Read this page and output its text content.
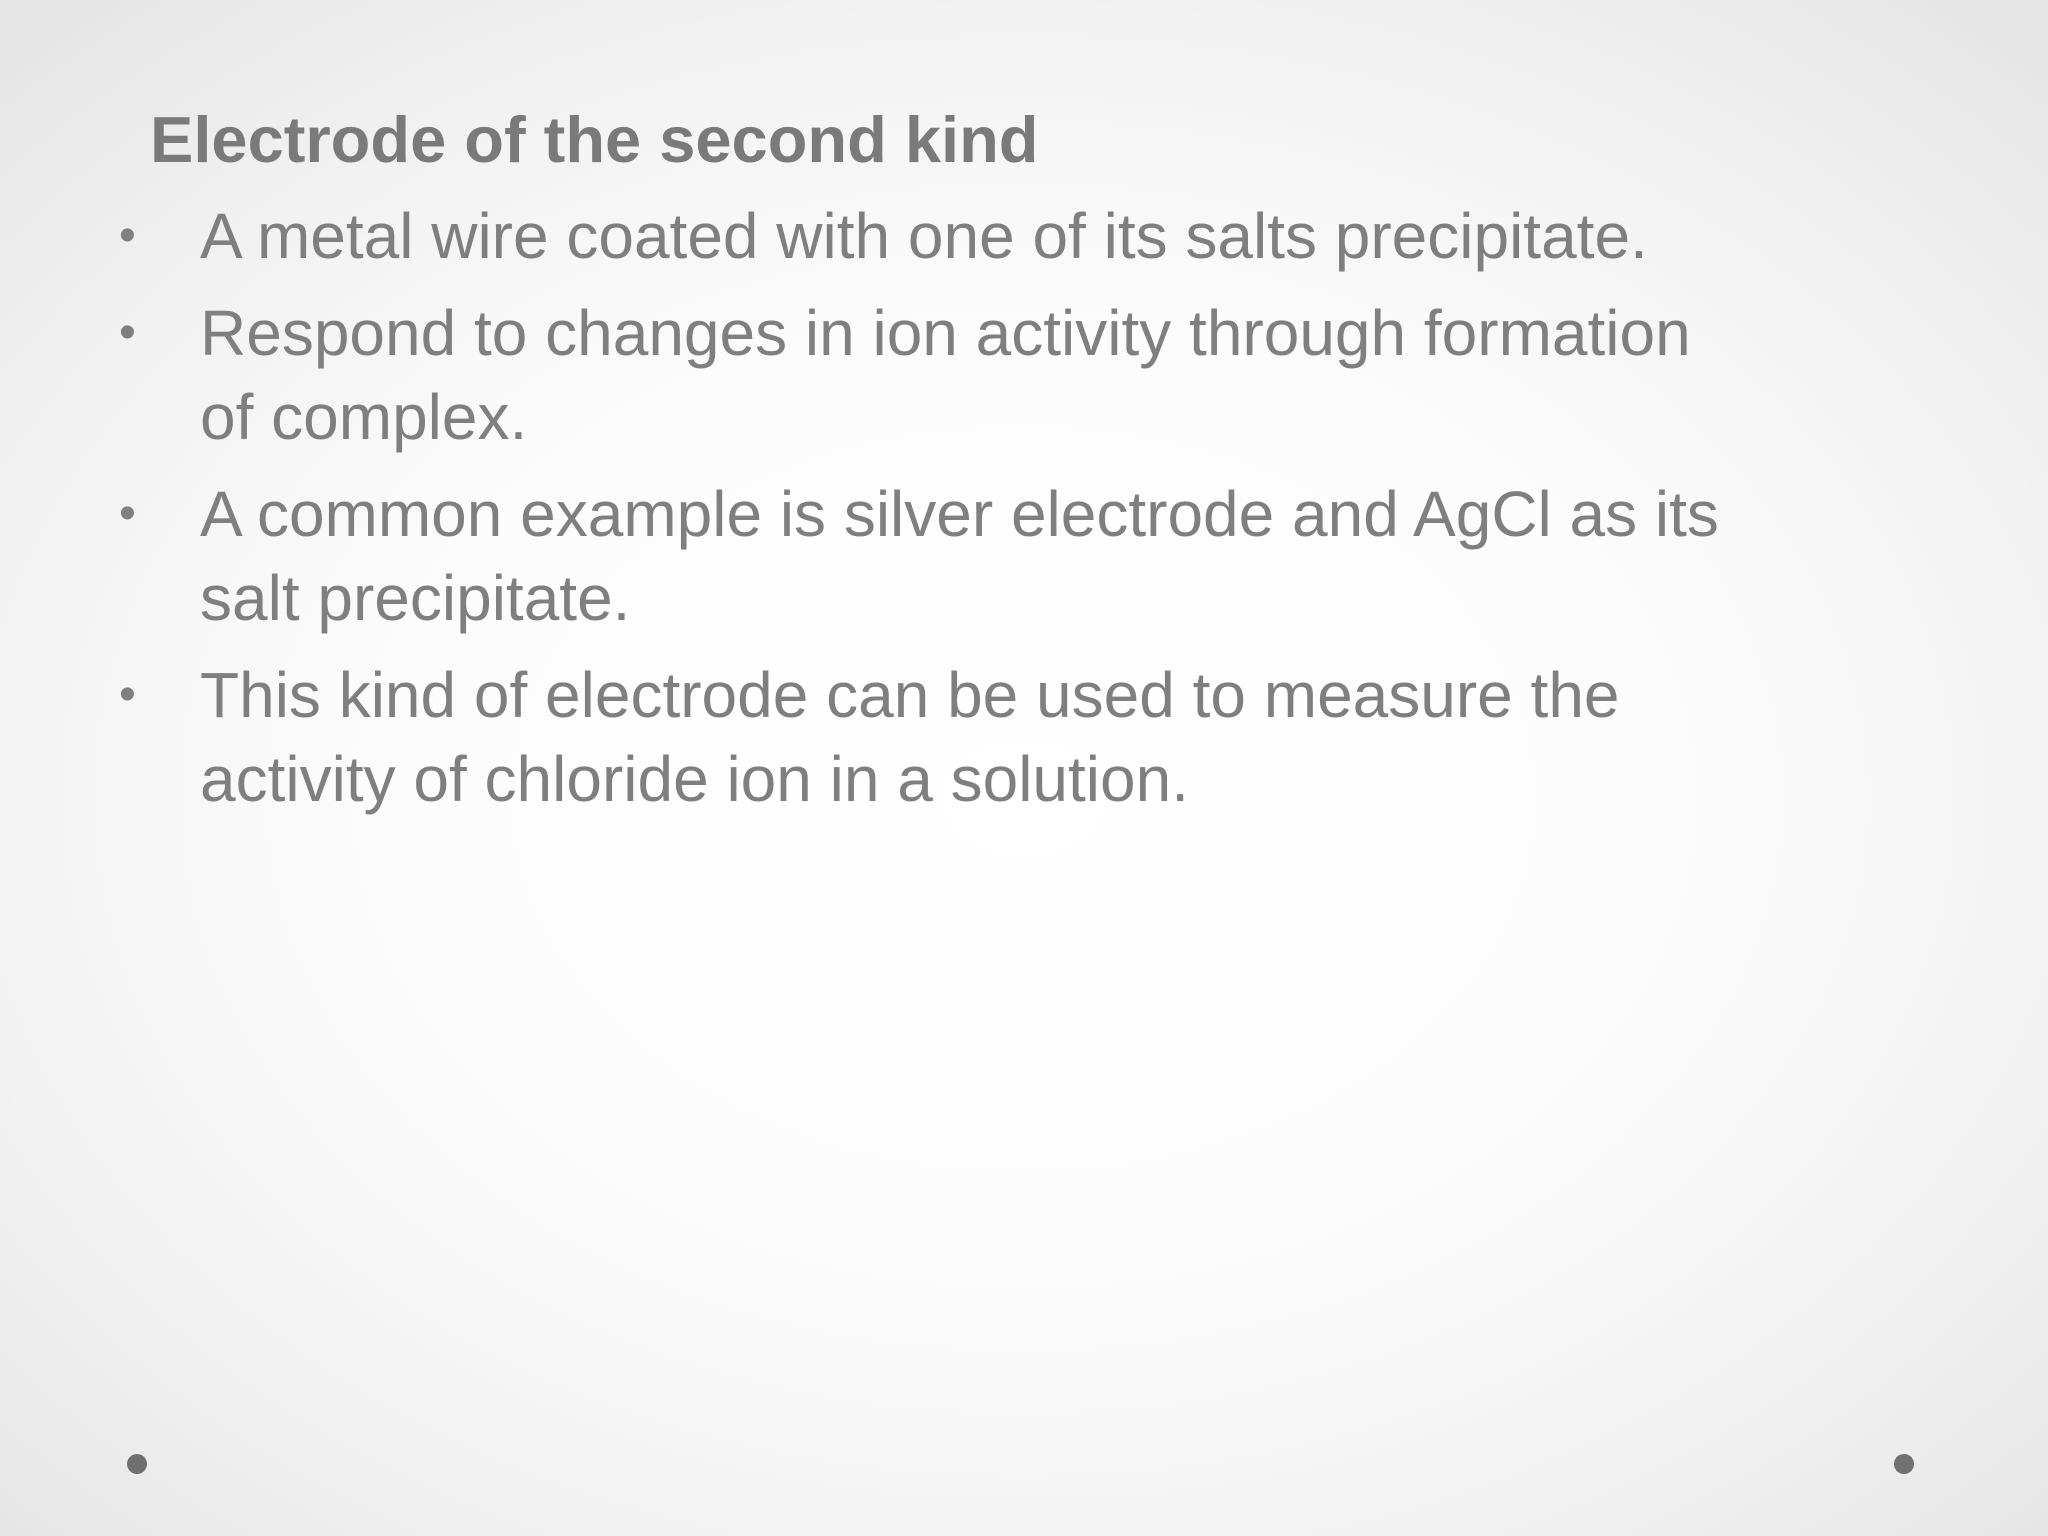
Electrode of the second kind
• A metal wire coated with one of its salts precipitate.
• Respond to changes in ion activity through formation of complex.
• A common example is silver electrode and AgCl as its salt precipitate.
• This kind of electrode can be used to measure the activity of chloride ion in a solution.
